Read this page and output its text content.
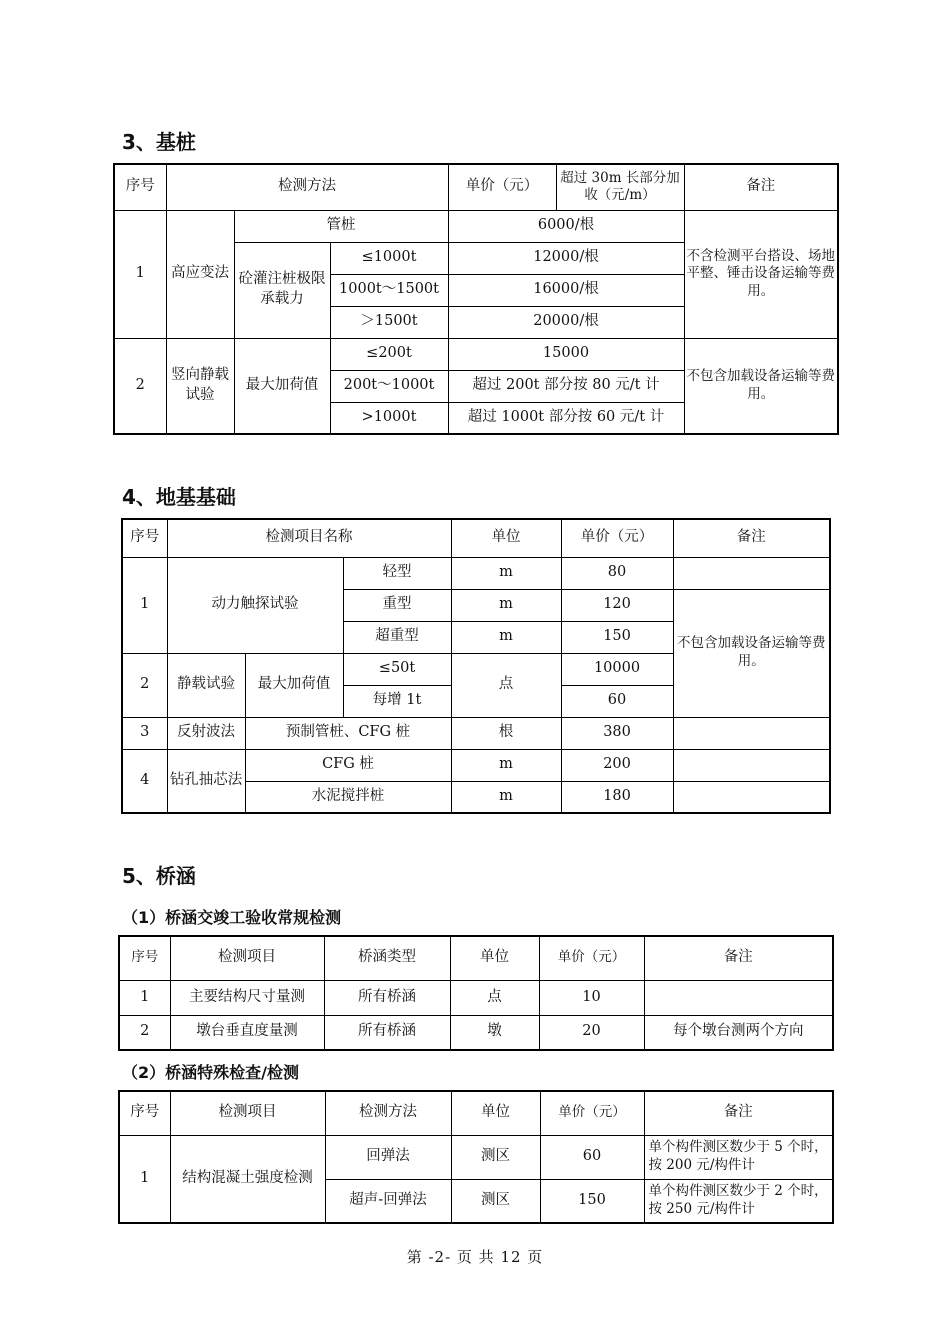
3、基桩
序号	检测方法			单价（元）	超过 30m 长部分加收（元/m）	备注
1	高应变法	管桩		6000/根		不含检测平台搭设、场地平整、锤击设备运输等费用。
		砼灌注桩极限承载力	≤1000t	12000/根		
			1000t～1500t	16000/根		
			＞1500t	20000/根		
2	竖向静载试验	最大加荷值	≤200t	15000		不包含加载设备运输等费用。
			200t～1000t	超过 200t 部分按 80 元/t 计		
			>1000t	超过 1000t 部分按 60 元/t 计		
4、地基基础
序号	检测项目名称			单位	单价（元）	备注
1	动力触探试验		轻型	m	80	
			重型	m	120	不包含加载设备运输等费用。
			超重型	m	150	
2	静载试验	最大加荷值	≤50t	点	10000	
			每增 1t		60	
3	反射波法	预制管桩、CFG 桩		根	380	
4	钻孔抽芯法	CFG 桩		m	200	
		水泥搅拌桩		m	180	
5、桥涵
（1）桥涵交竣工验收常规检测
序号	检测项目	桥涵类型	单位	单价（元）	备注
1	主要结构尺寸量测	所有桥涵	点	10	
2	墩台垂直度量测	所有桥涵	墩	20	每个墩台测两个方向
（2）桥涵特殊检查/检测
序号	检测项目	检测方法	单位	单价（元）	备注
1	结构混凝土强度检测	回弹法	测区	60	单个构件测区数少于 5 个时，按 200 元/构件计
		超声-回弹法	测区	150	单个构件测区数少于 2 个时，按 250 元/构件计
第 -2- 页 共 12 页
